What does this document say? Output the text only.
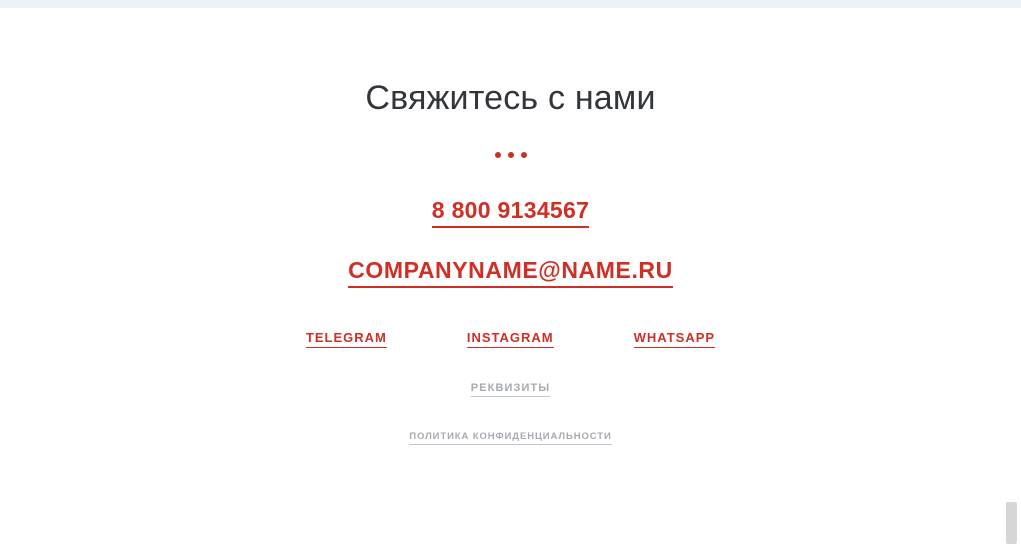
Свяжитесь с нами
8 800 9134567
COMPANYNAME@NAME.RU
TELEGRAM	INSTAGRAM	WHATSAPP
РЕКВИЗИТЫ
ПОЛИТИКА КОНФИДЕНЦИАЛЬНОСТИ
